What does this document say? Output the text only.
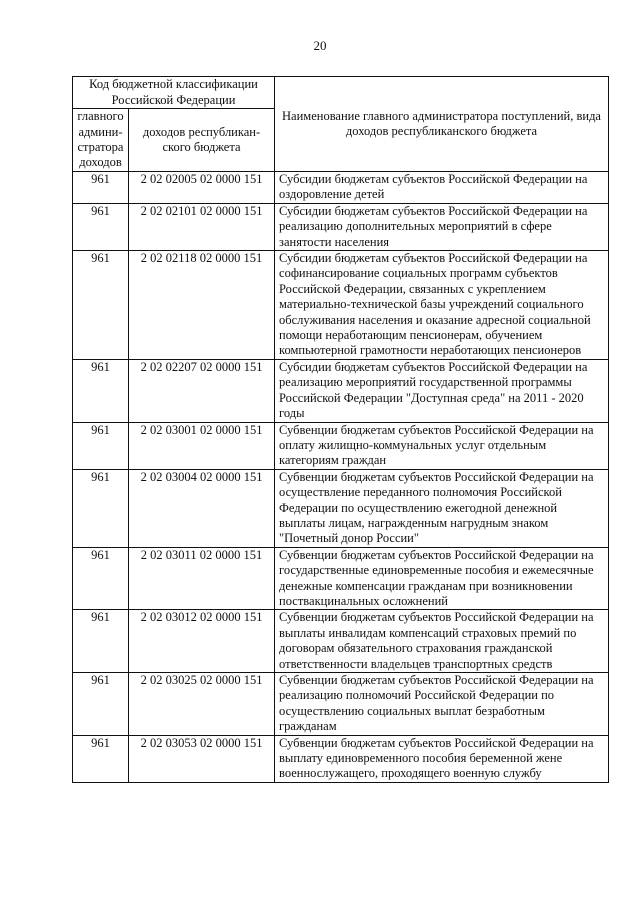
20
Код бюджетной классификации Российской Федерации		Наименование главного администратора поступлений, вида доходов республиканского бюджета
главного админи-стратора доходов	доходов республикан-ского бюджета	
961	2 02 02005 02 0000 151	Субсидии бюджетам субъектов Российской Федерации на оздоровление детей
961	2 02 02101 02 0000 151	Субсидии бюджетам субъектов Российской Федерации на реализацию дополнительных мероприятий в сфере занятости населения
961	2 02 02118 02 0000 151	Субсидии бюджетам субъектов Российской Федерации на софинансирование социальных программ субъектов Российской Федерации, связанных с укреплением материально-технической базы учреждений социального обслуживания населения и оказание адресной социальной помощи неработающим пенсионерам, обучением компьютерной грамотности неработающих пенсионеров
961	2 02 02207 02 0000 151	Субсидии бюджетам субъектов Российской Федерации на реализацию мероприятий государственной программы Российской Федерации "Доступная среда" на 2011 - 2020 годы
961	2 02 03001 02 0000 151	Субвенции бюджетам субъектов Российской Федерации на оплату жилищно-коммунальных услуг отдельным категориям граждан
961	2 02 03004 02 0000 151	Субвенции бюджетам субъектов Российской Федерации на осуществление переданного полномочия Российской Федерации по осуществлению ежегодной денежной выплаты лицам, награжденным нагрудным знаком "Почетный донор России"
961	2 02 03011 02 0000 151	Субвенции бюджетам субъектов Российской Федерации на государственные единовременные пособия и ежемесячные денежные компенсации гражданам при возникновении поствакцинальных осложнений
961	2 02 03012 02 0000 151	Субвенции бюджетам субъектов Российской Федерации на выплаты инвалидам компенсаций страховых премий по договорам обязательного страхования гражданской ответственности владельцев транспортных средств
961	2 02 03025 02 0000 151	Субвенции бюджетам субъектов Российской Федерации на реализацию полномочий Российской Федерации по осуществлению социальных выплат безработным гражданам
961	2 02 03053 02 0000 151	Субвенции бюджетам субъектов Российской Федерации на выплату единовременного пособия беременной жене военнослужащего, проходящего военную службу
